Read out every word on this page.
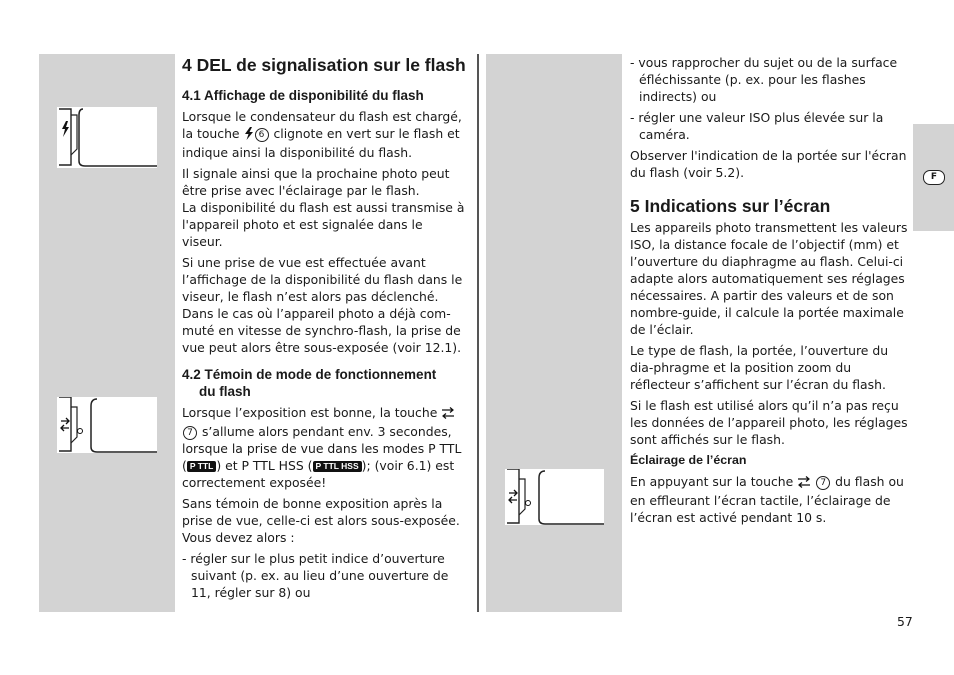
F
4 DEL de signalisation sur le flash
4.1 Affichage de disponibilité du flash

Lorsque le condensateur du flash est chargé, la touche 6 clignote en vert sur le flash et indique ainsi la disponibilité du flash.

Il signale ainsi que la prochaine photo peut être prise avec l'éclairage par le flash.

La disponibilité du flash est aussi transmise à l'appareil photo et est signalée dans le viseur.

Si une prise de vue est effectuée avant l’affichage de la disponibilité du flash dans le viseur, le flash n’est alors pas déclenché. Dans le cas où l’appareil photo a déjà com-muté en vitesse de synchro-flash, la prise de vue peut alors être sous-exposée (voir 12.1).

4.2 Témoin de mode de fonctionnement
du flash

Lorsque l’exposition est bonne, la touche
7 s’allume alors pendant env. 3 secondes, lorsque la prise de vue dans les modes P TTL ( P TTL ) et P TTL HSS ( P TTL HSS ); (voir 6.1) est correctement exposée!

Sans témoin de bonne exposition après la prise de vue, celle-ci est alors sous-exposée. Vous devez alors :

- régler sur le plus petit indice d’ouverture suivant (p. ex. au lieu d’une ouverture de 11, régler sur 8) ou

- vous rapprocher du sujet ou de la surface éfléchissante (p. ex. pour les flashes indirects) ou

- régler une valeur ISO plus élevée sur la caméra.

Observer l'indication de la portée sur l'écran du flash (voir 5.2).

5 Indications sur l’écran

Les appareils photo transmettent les valeurs ISO, la distance focale de l’objectif (mm) et l’ouverture du diaphragme au flash. Celui-ci adapte alors automatiquement ses réglages nécessaires. A partir des valeurs et de son nombre-guide, il calcule la portée maximale de l’éclair.

Le type de flash, la portée, l’ouverture du dia-phragme et la position zoom du réflecteur s’affichent sur l’écran du flash.

Si le flash est utilisé alors qu’il n’a pas reçu les données de l’appareil photo, les réglages sont affichés sur le flash.

Éclairage de l’écran

En appuyant sur la touche	7 du flash ou en effleurant l’écran tactile, l’éclairage de l’écran est activé pendant 10 s.

57
